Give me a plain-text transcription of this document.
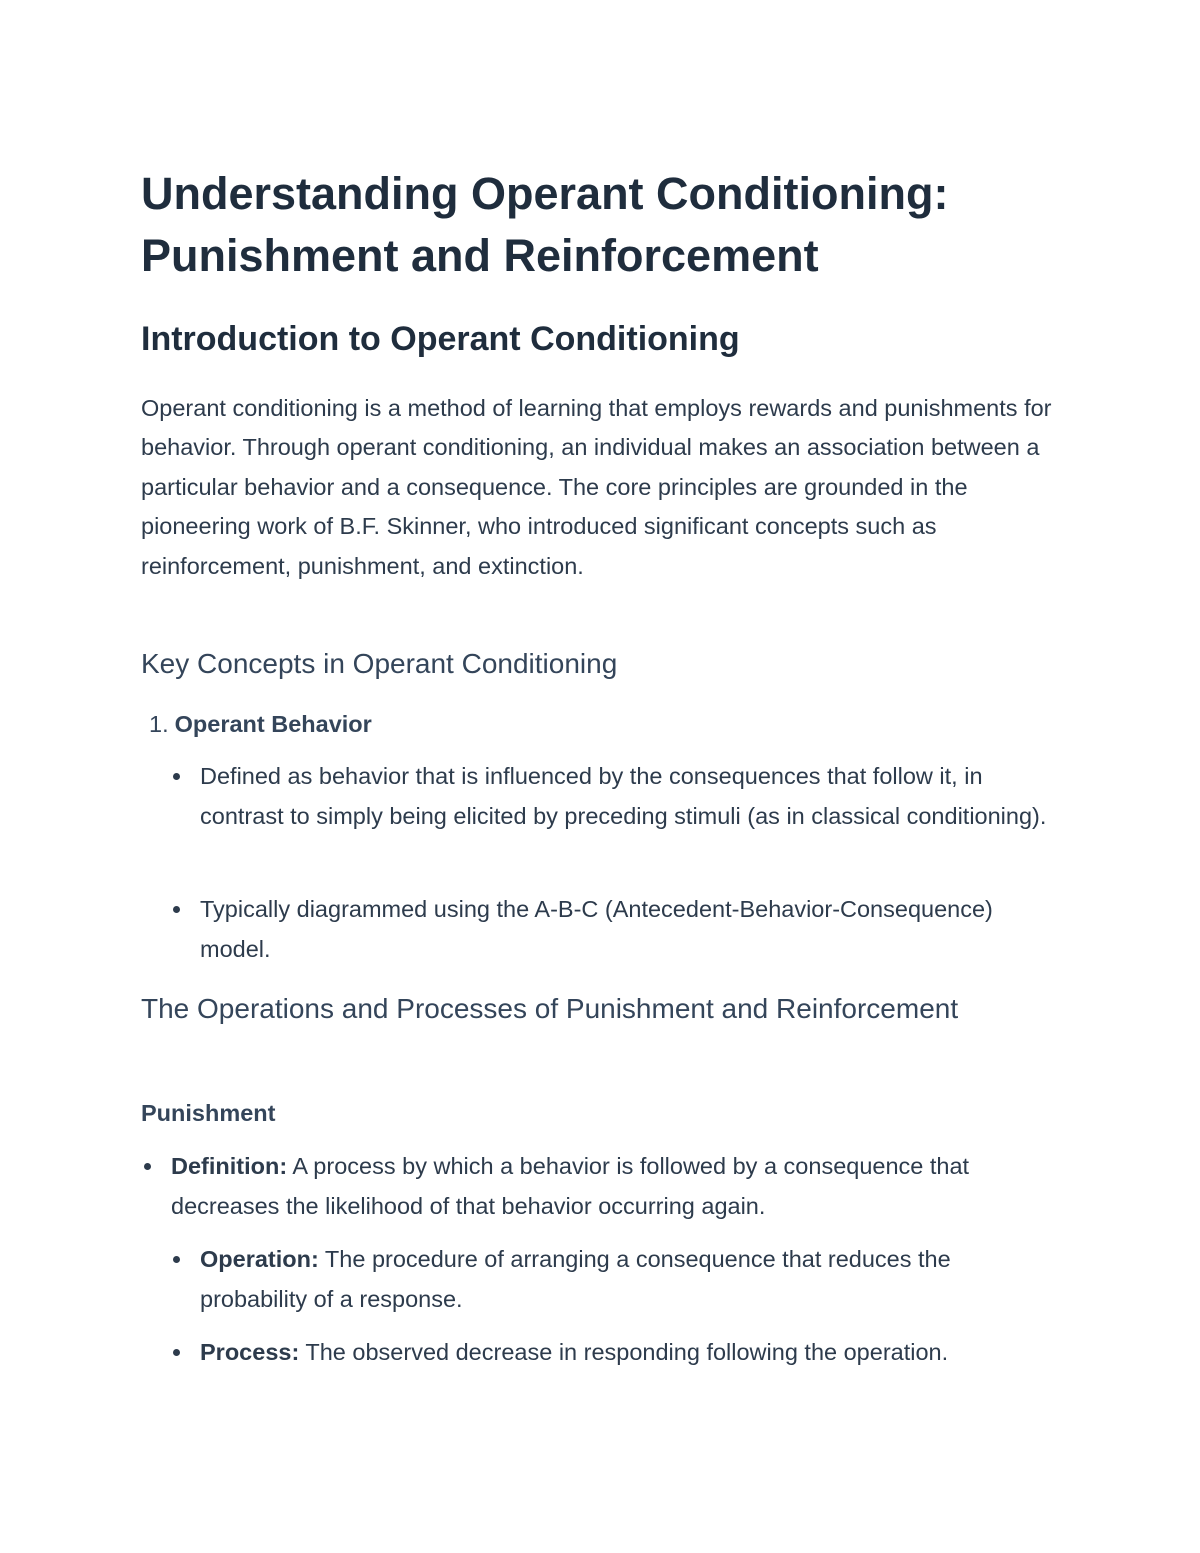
Understanding Operant Conditioning: Punishment and Reinforcement
Introduction to Operant Conditioning

Operant conditioning is a method of learning that employs rewards and punishments for behavior. Through operant conditioning, an individual makes an association between a particular behavior and a consequence. The core principles are grounded in the pioneering work of B.F. Skinner, who introduced significant concepts such as reinforcement, punishment, and extinction.

Key Concepts in Operant Conditioning
1. Operant Behavior
Defined as behavior that is influenced by the consequences that follow it, in contrast to simply being elicited by preceding stimuli (as in classical conditioning).
Typically diagrammed using the A-B-C (Antecedent-Behavior-Consequence) model.
The Operations and Processes of Punishment and Reinforcement
Punishment
Definition: A process by which a behavior is followed by a consequence that decreases the likelihood of that behavior occurring again.
Operation: The procedure of arranging a consequence that reduces the probability of a response.
Process: The observed decrease in responding following the operation.
